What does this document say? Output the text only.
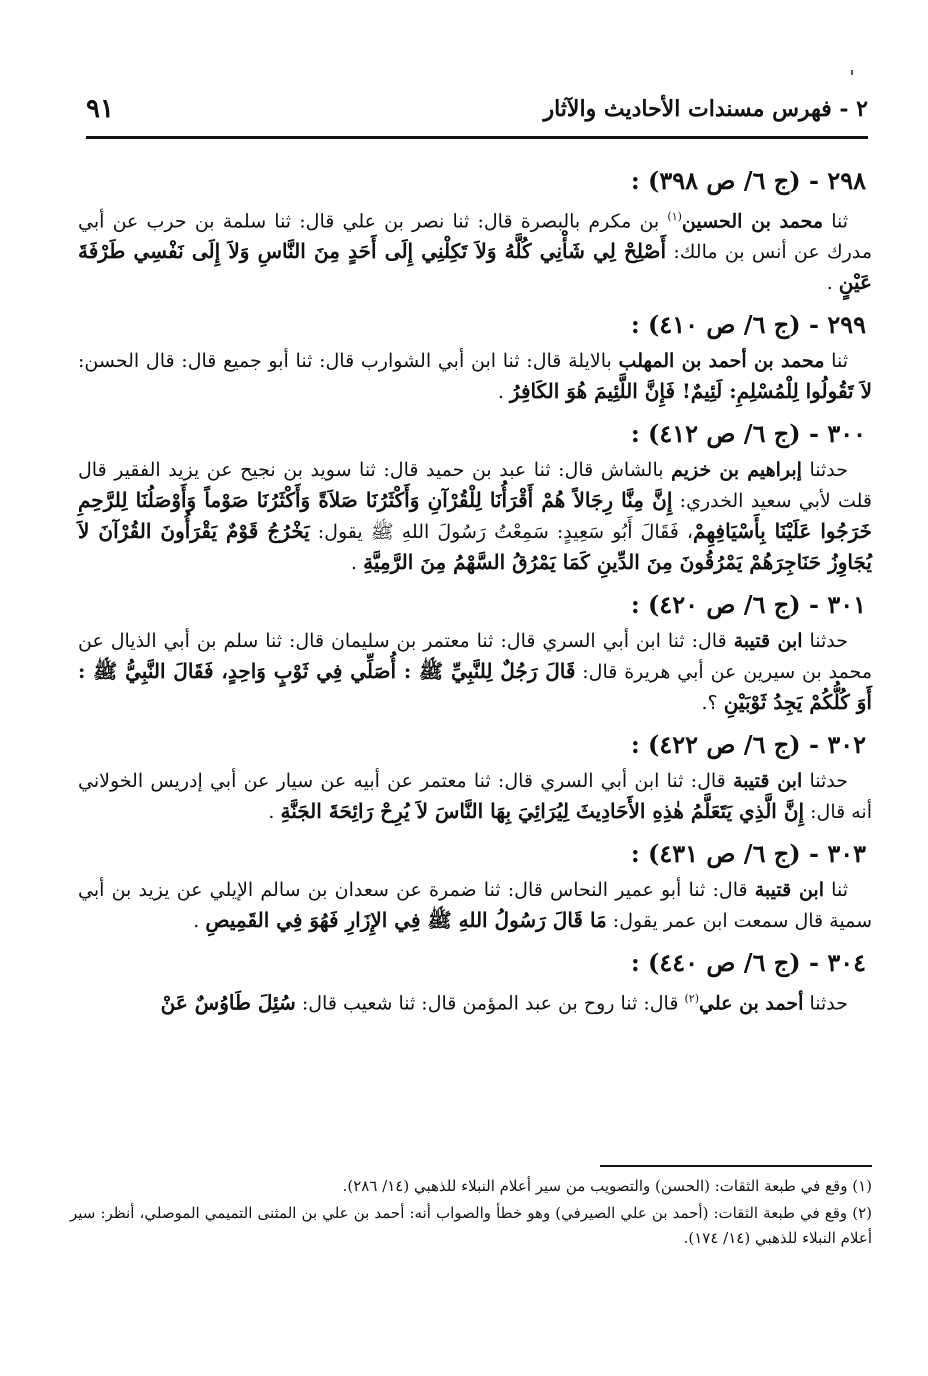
٢ - فهرس مسندات الأحاديث والآثار
٩١
٢٩٨ - (ج ٦/ ص ٣٩٨) :
ثنا محمد بن الحسين$^{(١)}$ بن مكرم بالبصرة قال: ثنا نصر بن علي قال: ثنا سلمة بن حرب عن أبي مدرك عن أنس بن مالك: أَصْلِحْ لِي شَأْنِي كُلَّهُ وَلاَ تَكِلْنِي إِلَى أَحَدٍ مِنَ النَّاسِ وَلاَ إِلَى نَفْسِي طَرْفَةَ عَيْنٍ .
٢٩٩ - (ج ٦/ ص ٤١٠) :
ثنا محمد بن أحمد بن المهلب بالايلة قال: ثنا ابن أبي الشوارب قال: ثنا أبو جميع قال: قال الحسن: لاَ تَقُولُوا لِلْمُسْلِمِ: لَئِيمٌ! فَإِنَّ اللَّئِيمَ هُوَ الكَافِرُ .
٣٠٠ - (ج ٦/ ص ٤١٢) :
حدثنا إبراهيم بن خزيم بالشاش قال: ثنا عبد بن حميد قال: ثنا سويد بن نجيح عن يزيد الفقير قال قلت لأبي سعيد الخدري: إِنَّ مِنَّا رِجَالاً هُمْ أَقْرَأُنَا لِلْقُرْآنِ وَأَكْثَرُنَا صَلاَةً وَأَكْثَرُنَا صَوْماً وَأَوْصَلُنَا لِلرَّحِمِ خَرَجُوا عَلَيْنَا بِأَسْيَافِهِمْ، فَقَالَ أَبُو سَعِيدٍ: سَمِعْتُ رَسُولَ اللهِ ﷺ يقول: يَخْرُجُ قَوْمٌ يَقْرَأُونَ القُرْآنَ لاَ يُجَاوِزُ حَنَاجِرَهُمْ يَمْرُقُونَ مِنَ الدِّينِ كَمَا يَمْرُقُ السَّهْمُ مِنَ الرَّمِيَّةِ .
٣٠١ - (ج ٦/ ص ٤٢٠) :
حدثنا ابن قتيبة قال: ثنا ابن أبي السري قال: ثنا معتمر بن سليمان قال: ثنا سلم بن أبي الذيال عن محمد بن سيرين عن أبي هريرة قال: قَالَ رَجُلٌ لِلنَّبِيِّ ﷺ : أُصَلِّي فِي ثَوْبٍ وَاحِدٍ، فَقَالَ النَّبِيُّ ﷺ : أَوَ كُلُّكُمْ يَجِدُ ثَوْبَيْنِ ؟.
٣٠٢ - (ج ٦/ ص ٤٢٢) :
حدثنا ابن قتيبة قال: ثنا ابن أبي السري قال: ثنا معتمر عن أبيه عن سيار عن أبي إدريس الخولاني أنه قال: إِنَّ الَّذِي يَتَعَلَّمُ هٰذِهِ الأَحَادِيثَ لِيُرَائِيَ بِهَا النَّاسَ لاَ يُرِحْ رَائِحَةَ الجَنَّةِ .
٣٠٣ - (ج ٦/ ص ٤٣١) :
ثنا ابن قتيبة قال: ثنا أبو عمير النحاس قال: ثنا ضمرة عن سعدان بن سالم الإيلي عن يزيد بن أبي سمية قال سمعت ابن عمر يقول: مَا قَالَ رَسُولُ اللهِ ﷺ فِي الإِزَارِ فَهُوَ فِي القَمِيصِ .
٣٠٤ - (ج ٦/ ص ٤٤٠) :
حدثنا أحمد بن علي$^{(٢)}$ قال: ثنا روح بن عبد المؤمن قال: ثنا شعيب قال: سُئِلَ طَاوُسٌ عَنْ
(١) وقع في طبعة الثقات: (الحسن) والتصويب من سير أعلام النبلاء للذهبي (١٤/ ٢٨٦).
(٢) وقع في طبعة الثقات: (أحمد بن علي الصيرفي) وهو خطأ والصواب أنه: أحمد بن علي بن المثنى التميمي الموصلي، أنظر: سير أعلام النبلاء للذهبي (١٤/ ١٧٤).
